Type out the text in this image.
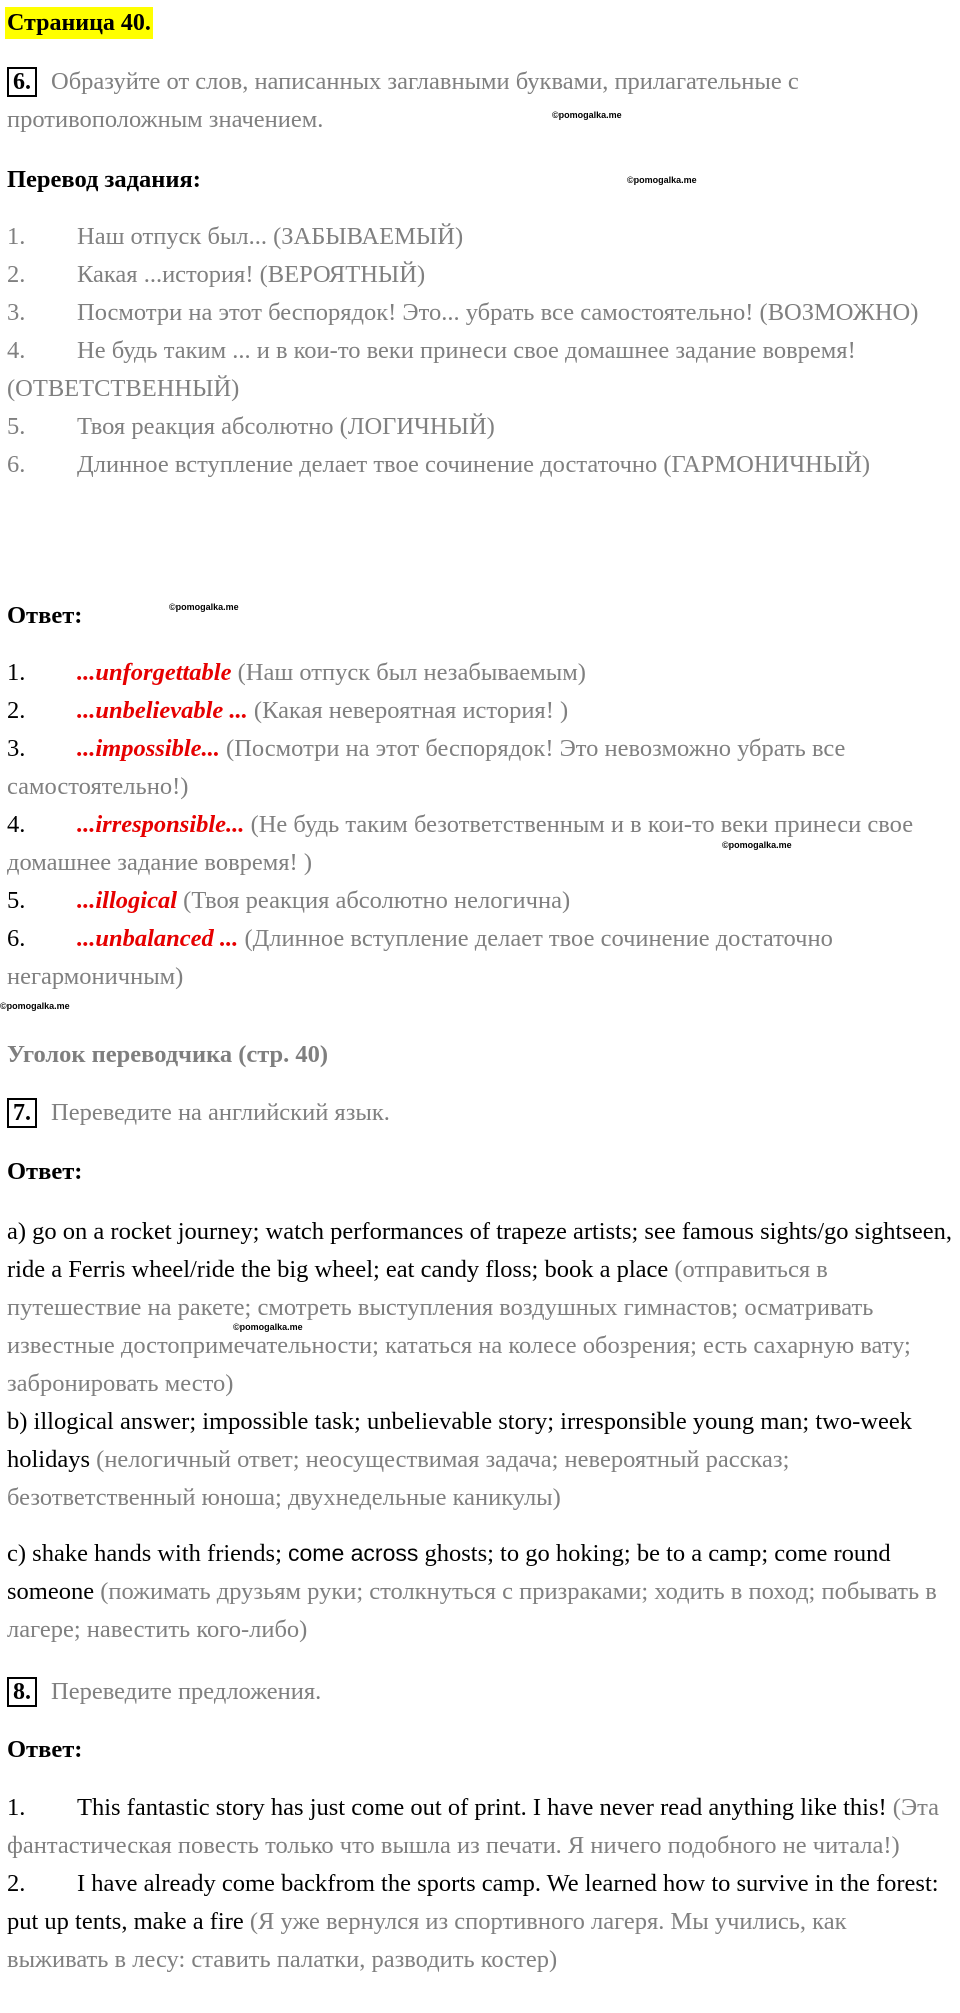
Страница 40.
6. Образуйте от слов, написанных заглавными буквами, прилагательные с противоположным значением.	©pomogalka.me
Перевод задания:	©pomogalka.me

1. Наш отпуск был... (ЗАБЫВАЕМЫЙ)

2. Какая ...история! (ВЕРОЯТНЫЙ)

3. Посмотри на этот беспорядок! Это... убрать все самостоятельно! (ВОЗМОЖНО)

4. Не будь таким ... и в кои-то веки принеси свое домашнее задание вовремя! (ОТВЕТСТВЕННЫЙ)

5. Твоя реакция абсолютно (ЛОГИЧНЫЙ)

6. Длинное вступление делает твое сочинение достаточно (ГАРМОНИЧНЫЙ)

Ответ:	©pomogalka.me

1. ...unforgettable (Наш отпуск был незабываемым)

2. ...unbelievable ... (Какая невероятная история! )

3. ...impossible... (Посмотри на этот беспорядок! Это невозможно убрать все самостоятельно!)

4. ...irresponsible... (Не будь таким безответственным и в кои-то веки принеси свое домашнее задание вовремя! )

5. ...illogical (Твоя реакция абсолютно нелогична)

6. ...unbalanced ... (Длинное вступление делает твое сочинение достаточно негармоничным)

©pomogalka.me
©pomogalka.me
Уголок переводчика (стр. 40)
7. Переведите на английский язык.
Ответ:
a) go on a rocket journey; watch performances of trapeze artists; see famous sights/go sightseen, ride a Ferris wheel/ride the big wheel; eat candy floss; book a place (отправиться в путешествие на ракете; смотреть выступления воздушных гимнастов; осматривать известные достопримечательности; кататься на колесе обозрения; есть сахарную вату; забронировать место)
©pomogalka.me
b) illogical answer; impossible task; unbelievable story; irresponsible young man; two-week holidays (нелогичный ответ; неосуществимая задача; невероятный рассказ; безответственный юноша; двухнедельные каникулы)
c) shake hands with friends; come across ghosts; to go hoking; be to a camp; come round someone (пожимать друзьям руки; столкнуться с призраками; ходить в поход; побывать в лагере; навестить кого-либо)
8. Переведите предложения.
Ответ:

1. This fantastic story has just come out of print. I have never read anything like this! (Эта фантастическая повесть только что вышла из печати. Я ничего подобного не читала!)

2. I have already come backfrom the sports camp. We learned how to survive in the forest: put up tents, make a fire (Я уже вернулся из спортивного лагеря. Мы учились, как выживать в лесу: ставить палатки, разводить костер)
